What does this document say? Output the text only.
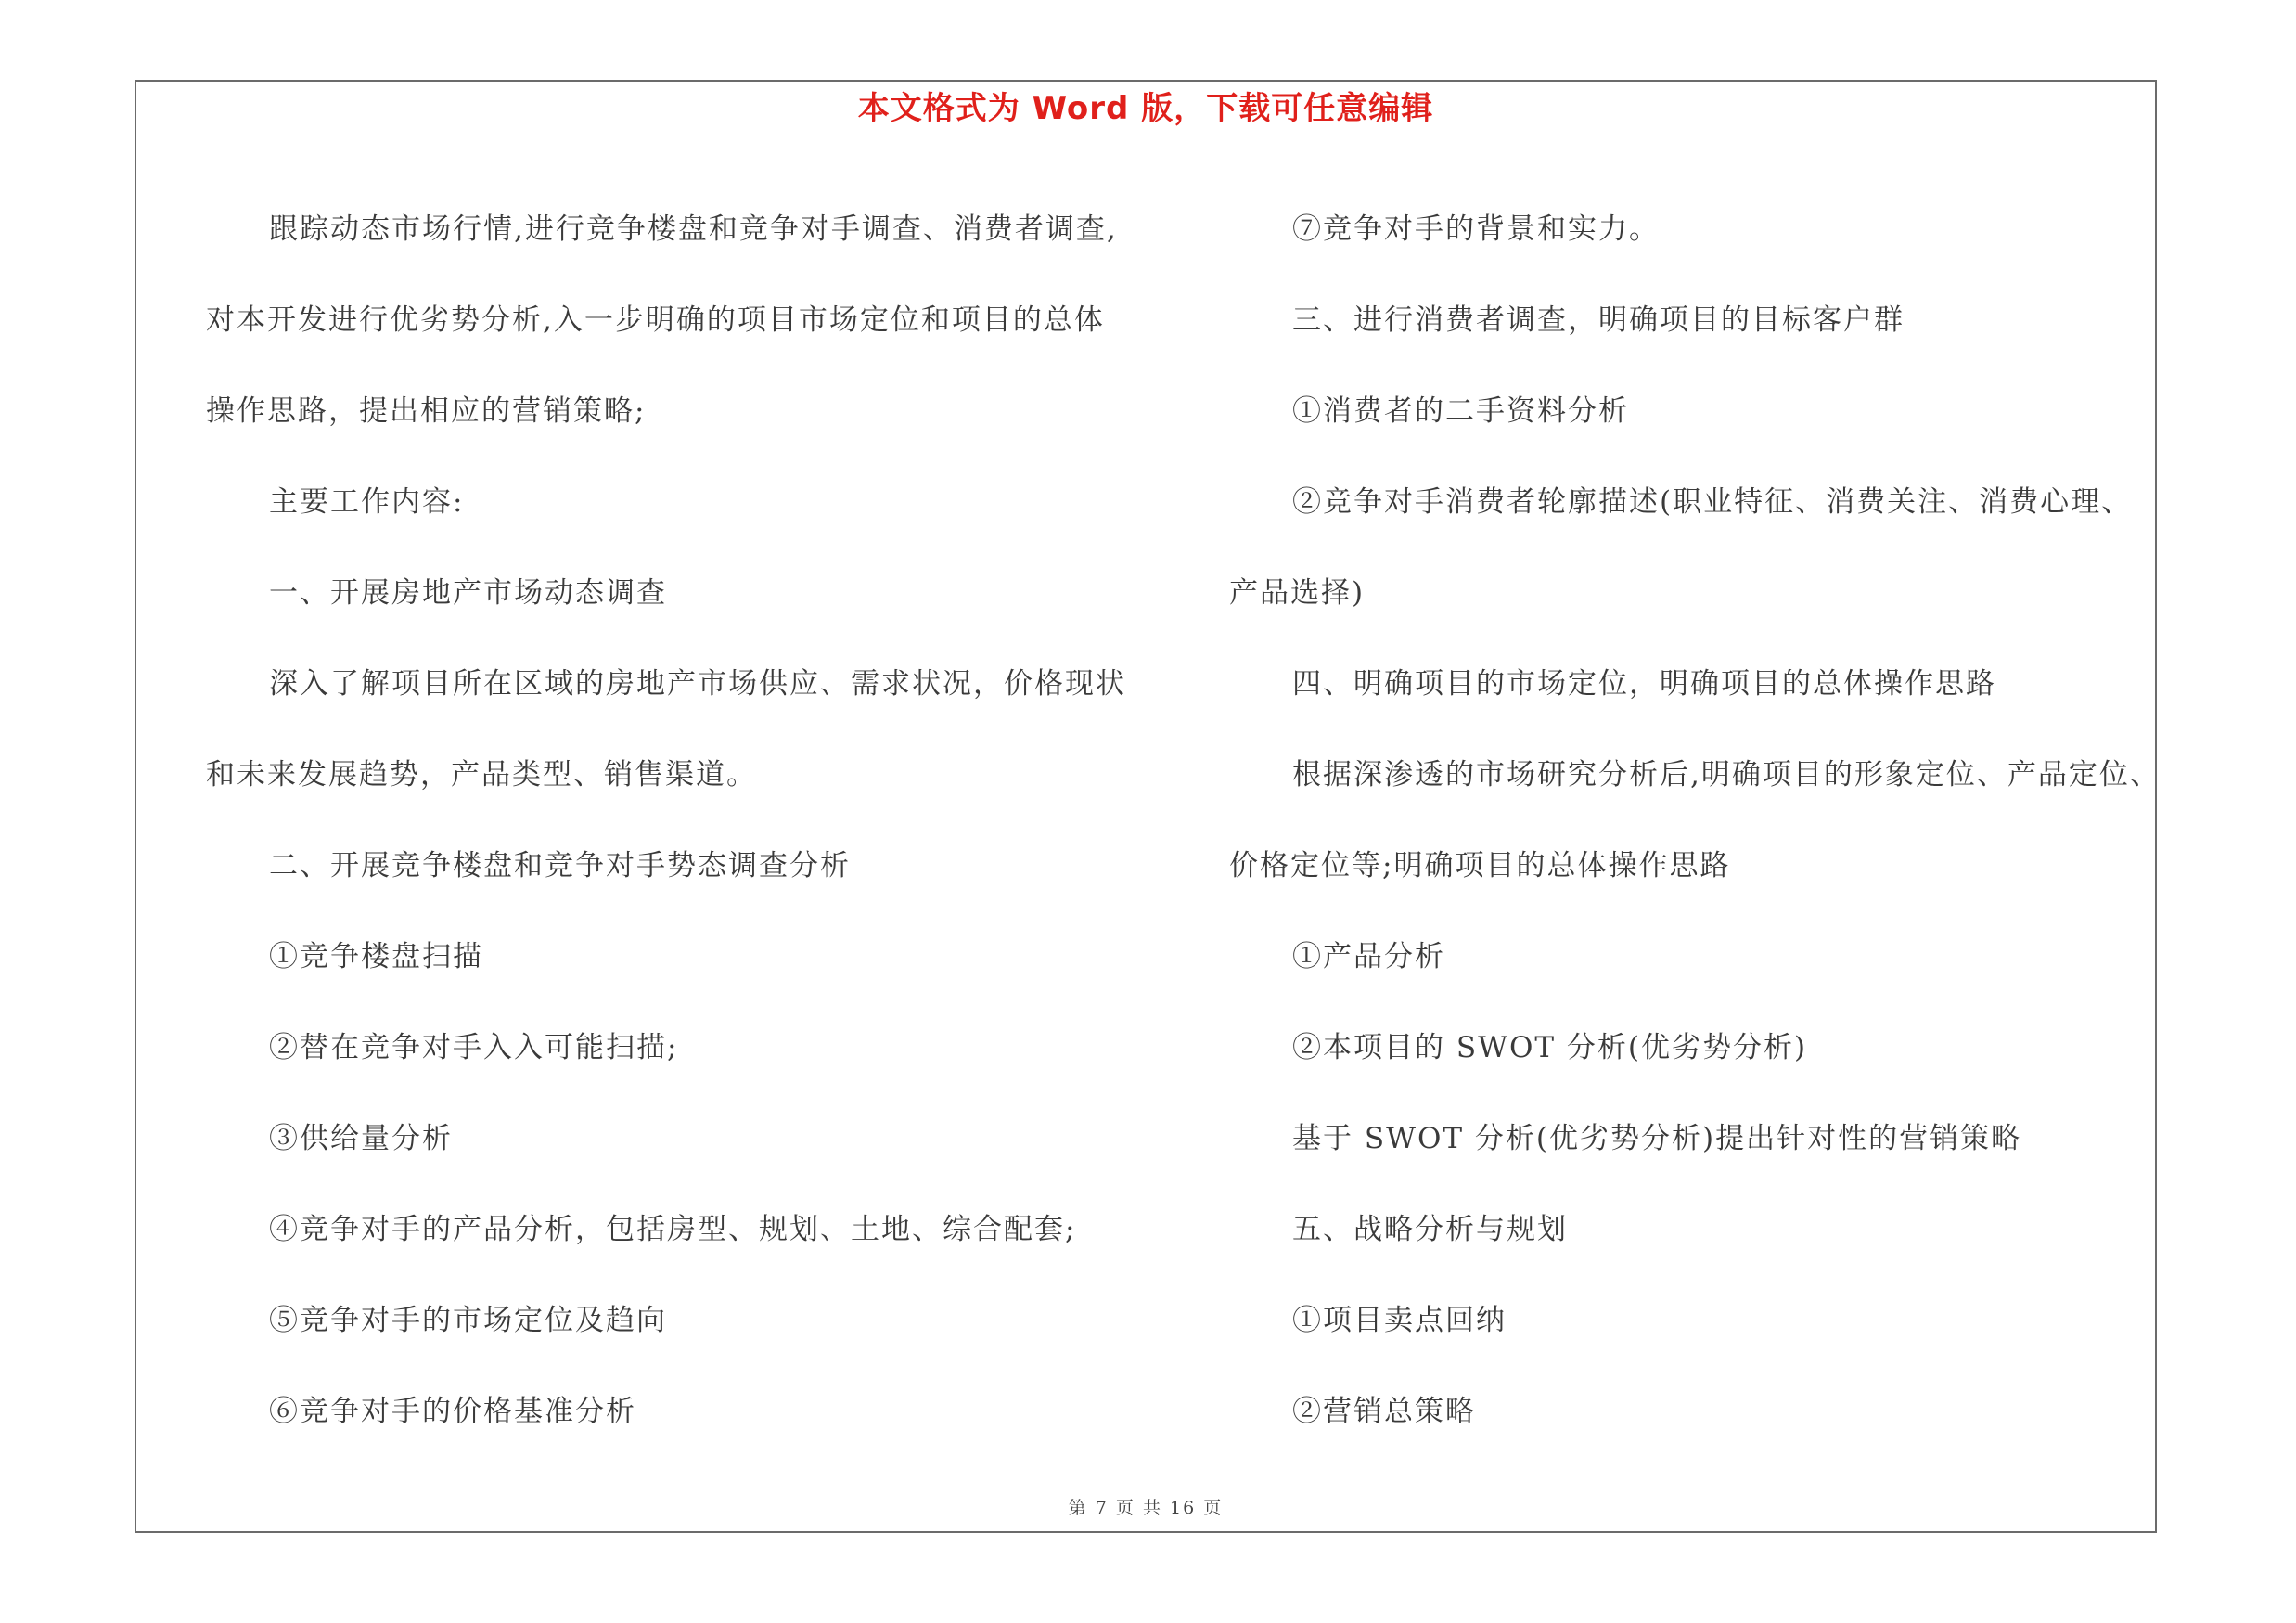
本文格式为 Word 版，下载可任意编辑

跟踪动态市场行情,进行竞争楼盘和竞争对手调查、消费者调查,

对本开发进行优劣势分析,入一步明确的项目市场定位和项目的总体

操作思路，提出相应的营销策略;

主要工作内容:

一、开展房地产市场动态调查

深入了解项目所在区域的房地产市场供应、需求状况，价格现状

和未来发展趋势，产品类型、销售渠道。

二、开展竞争楼盘和竞争对手势态调查分析

①竞争楼盘扫描

②替在竞争对手入入可能扫描;

③供给量分析

④竞争对手的产品分析，包括房型、规划、土地、综合配套;

⑤竞争对手的市场定位及趋向

⑥竞争对手的价格基准分析

⑦竞争对手的背景和实力。

三、进行消费者调查，明确项目的目标客户群

①消费者的二手资料分析

②竞争对手消费者轮廓描述(职业特征、消费关注、消费心理、

产品选择)

四、明确项目的市场定位，明确项目的总体操作思路

根据深渗透的市场研究分析后,明确项目的形象定位、产品定位、

价格定位等;明确项目的总体操作思路

①产品分析

②本项目的 SWOT 分析(优劣势分析)

基于 SWOT 分析(优劣势分析)提出针对性的营销策略

五、战略分析与规划

①项目卖点回纳

②营销总策略

第 7 页 共 16 页
